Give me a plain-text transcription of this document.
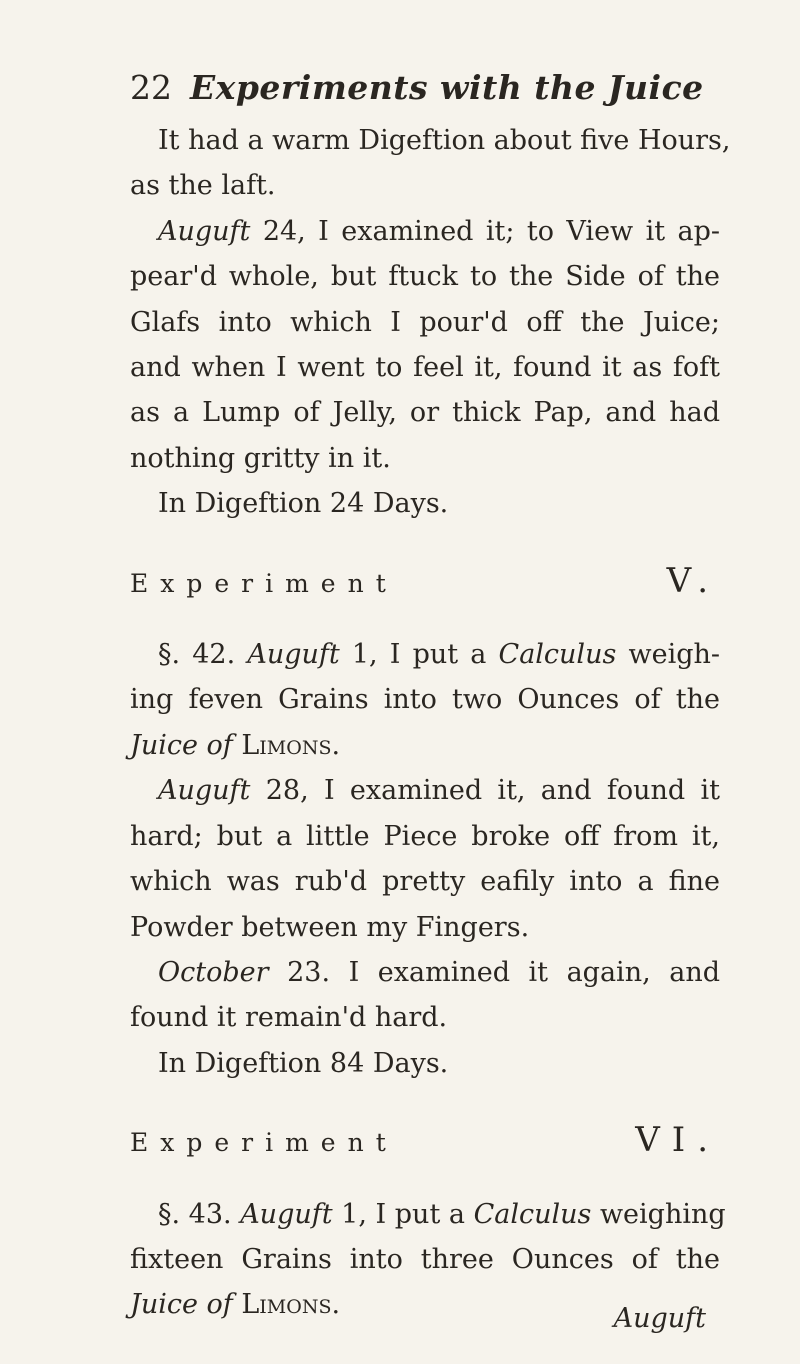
22 Experiments with the Juice
It had a warm Digeftion about five Hours,
as the laft.
Auguft 24, I examined it; to View it ap-
pear'd whole, but ftuck to the Side of the
Glafs into which I pour'd off the Juice;
and when I went to feel it, found it as foft
as a Lump of Jelly, or thick Pap, and had
nothing gritty in it.
In Digeftion 24 Days.
Experiment	V.
§. 42. Auguft 1, I put a Calculus weigh-
ing feven Grains into two Ounces of the
Juice of Limons.
Auguft 28, I examined it, and found it
hard; but a little Piece broke off from it,
which was rub'd pretty eafily into a fine
Powder between my Fingers.
October 23. I examined it again, and
found it remain'd hard.
In Digeftion 84 Days.
Experiment	VI.
§. 43. Auguft 1, I put a Calculus weighing
fixteen Grains into three Ounces of the
Juice of Limons.	Auguft
